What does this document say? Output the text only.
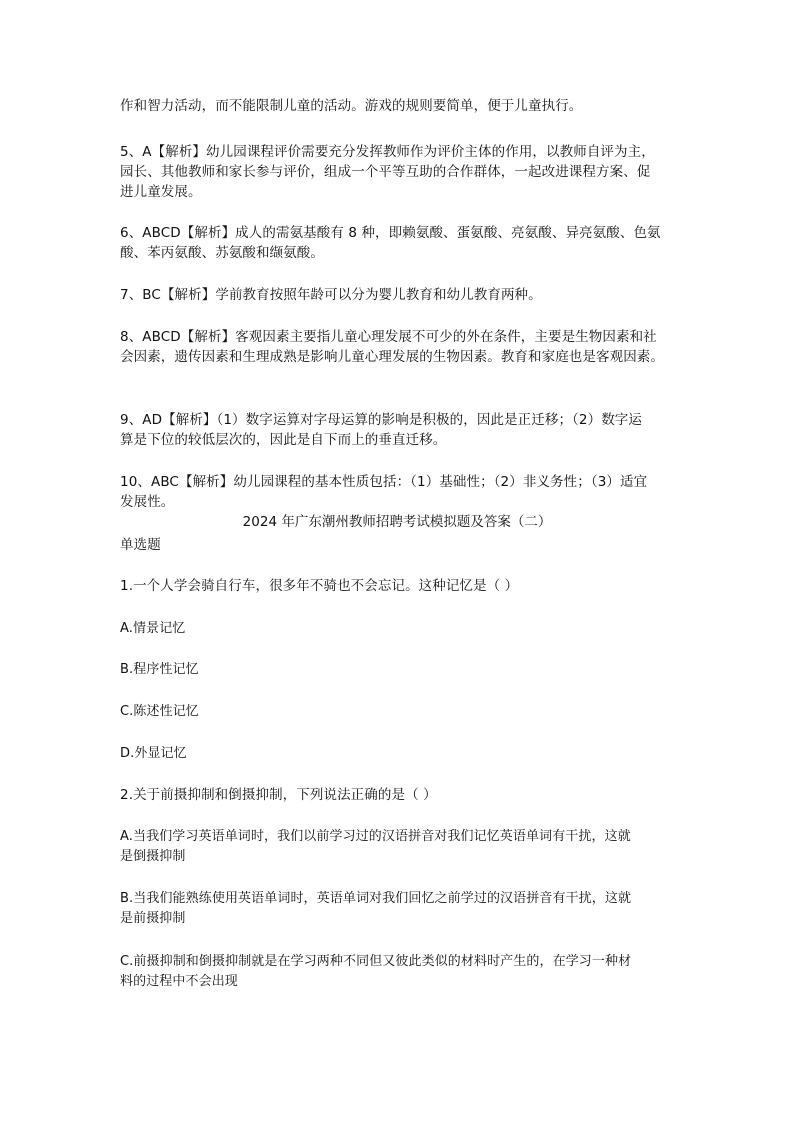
作和智力活动，而不能限制儿童的活动。游戏的规则要简单，便于儿童执行。
5、A【解析】幼儿园课程评价需要充分发挥教师作为评价主体的作用，以教师自评为主，
园长、其他教师和家长参与评价，组成一个平等互助的合作群体，一起改进课程方案、促
进儿童发展。
6、ABCD【解析】成人的需氨基酸有 8 种，即赖氨酸、蛋氨酸、亮氨酸、异亮氨酸、色氨
酸、苯丙氨酸、苏氨酸和缬氨酸。
7、BC【解析】学前教育按照年龄可以分为婴儿教育和幼儿教育两种。
8、ABCD【解析】客观因素主要指儿童心理发展不可少的外在条件，主要是生物因素和社
会因素，遗传因素和生理成熟是影响儿童心理发展的生物因素。教育和家庭也是客观因素。
9、AD【解析】（1）数字运算对字母运算的影响是积极的，因此是正迁移；（2）数字运
算是下位的较低层次的，因此是自下而上的垂直迁移。
10、ABC【解析】幼儿园课程的基本性质包括：（1）基础性；（2）非义务性；（3）适宜
发展性。
2024 年广东潮州教师招聘考试模拟题及答案（二）
单选题
1.一个人学会骑自行车，很多年不骑也不会忘记。这种记忆是（ ）
A.情景记忆
B.程序性记忆
C.陈述性记忆
D.外显记忆
2.关于前摄抑制和倒摄抑制，下列说法正确的是（ ）
A.当我们学习英语单词时，我们以前学习过的汉语拼音对我们记忆英语单词有干扰，这就
是倒摄抑制
B.当我们能熟练使用英语单词时，英语单词对我们回忆之前学过的汉语拼音有干扰，这就
是前摄抑制
C.前摄抑制和倒摄抑制就是在学习两种不同但又彼此类似的材料时产生的，在学习一种材
料的过程中不会出现
